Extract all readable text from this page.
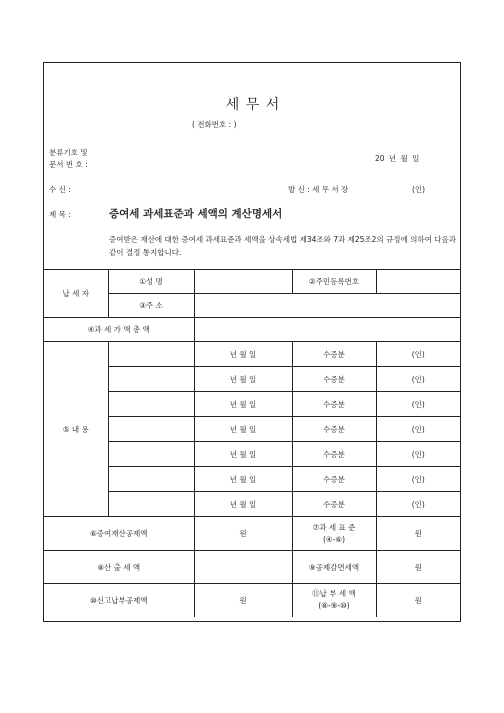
세 무 서
( 전화번호 : )
분류기호 및
문서 번 호 :
20 년 월 일
수 신 :	발 신 : 세 무 서 장	(인)
제 목 :	증여세 과세표준과 세액의 계산명세서
증여받은 재산에 대한 증여세 과세표준과 세액을 상속세법 제34조와 7과 제25조2의 규정에 의하여 다음과 같이 결정 통지합니다.
납 세 자	①성 명		②주민등록번호	
	③주 소			
④과 세 가 액 총 액				
⑤ 내 용		년 월 일	수증분	(인)
		년 월 일	수증분	(인)
		년 월 일	수증분	(인)
		년 월 일	수증분	(인)
		년 월 일	수증분	(인)
		년 월 일	수증분	(인)
		년 월 일	수증분	(인)
⑥증여재산공제액		원	⑦과 세 표 준
(④-⑥)	원
⑧산 출 세 액			⑨공제감면세액	원
⑩신고납부공제액		원	⑪납 부 세 액
(⑧-⑨-⑩)	원
